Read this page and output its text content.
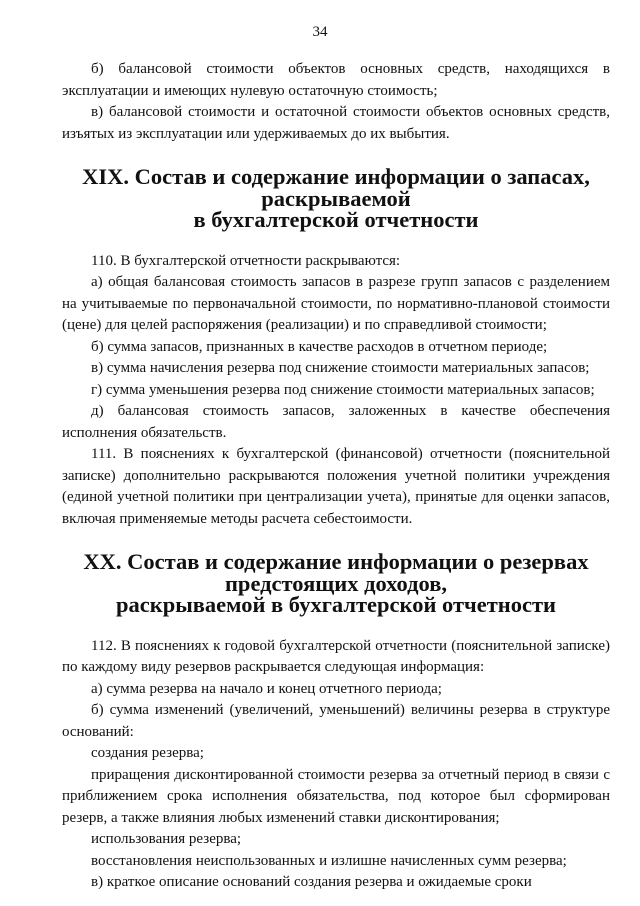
34

б) балансовой стоимости объектов основных средств, находящихся в эксплуатации и имеющих нулевую остаточную стоимость;

в) балансовой стоимости и остаточной стоимости объектов основных средств, изъятых из эксплуатации или удерживаемых до их выбытия.

XIX. Состав и содержание информации о запасах, раскрываемой
в бухгалтерской отчетности

110. В бухгалтерской отчетности раскрываются:

а) общая балансовая стоимость запасов в разрезе групп запасов с разделением на учитываемые по первоначальной стоимости, по нормативно-плановой стоимости (цене) для целей распоряжения (реализации) и по справедливой стоимости;

б) сумма запасов, признанных в качестве расходов в отчетном периоде;

в) сумма начисления резерва под снижение стоимости материальных запасов;

г) сумма уменьшения резерва под снижение стоимости материальных запасов;

д) балансовая стоимость запасов, заложенных в качестве обеспечения исполнения обязательств.

111. В пояснениях к бухгалтерской (финансовой) отчетности (пояснительной записке) дополнительно раскрываются положения учетной политики учреждения (единой учетной политики при централизации учета), принятые для оценки запасов, включая применяемые методы расчета себестоимости.

XX. Состав и содержание информации о резервах предстоящих доходов,
раскрываемой в бухгалтерской отчетности

112. В пояснениях к годовой бухгалтерской отчетности (пояснительной записке) по каждому виду резервов раскрывается следующая информация:

а) сумма резерва на начало и конец отчетного периода;

б) сумма изменений (увеличений, уменьшений) величины резерва в структуре оснований:

создания резерва;

приращения дисконтированной стоимости резерва за отчетный период в связи с приближением срока исполнения обязательства, под которое был сформирован резерв, а также влияния любых изменений ставки дисконтирования;

использования резерва;

восстановления неиспользованных и излишне начисленных сумм резерва;

в) краткое описание оснований создания резерва и ожидаемые сроки
